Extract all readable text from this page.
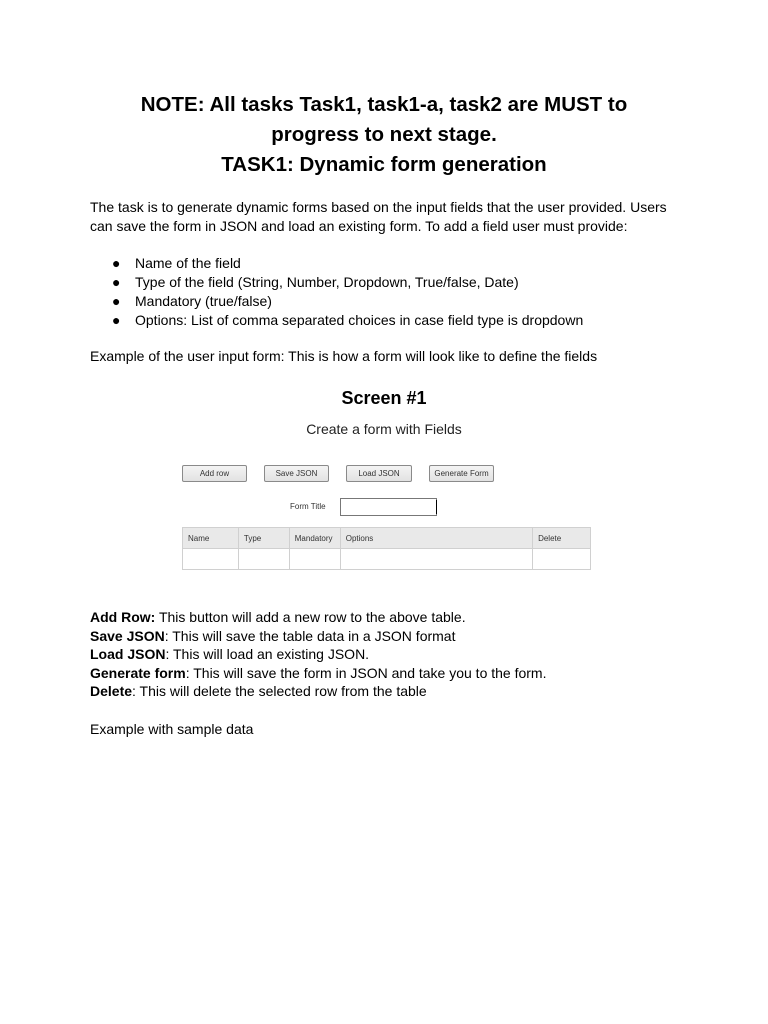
NOTE: All tasks Task1, task1-a, task2 are MUST to
progress to next stage.
TASK1: Dynamic form generation
The task is to generate dynamic forms based on the input fields that the user provided. Users can save the form in JSON and load an existing form. To add a field user must provide:
● Name of the field
● Type of the field (String, Number, Dropdown, True/false, Date)
● Mandatory (true/false)
● Options: List of comma separated choices in case field type is dropdown
Example of the user input form: This is how a form will look like to define the fields
Screen #1
Create a form with Fields
Add row	Save JSON	Load JSON	Generate Form
Form Title
Name	Type	Mandatory	Options	Delete

Add Row: This button will add a new row to the above table.
Save JSON: This will save the table data in a JSON format
Load JSON: This will load an existing JSON.
Generate form: This will save the form in JSON and take you to the form.
Delete: This will delete the selected row from the table
Example with sample data
